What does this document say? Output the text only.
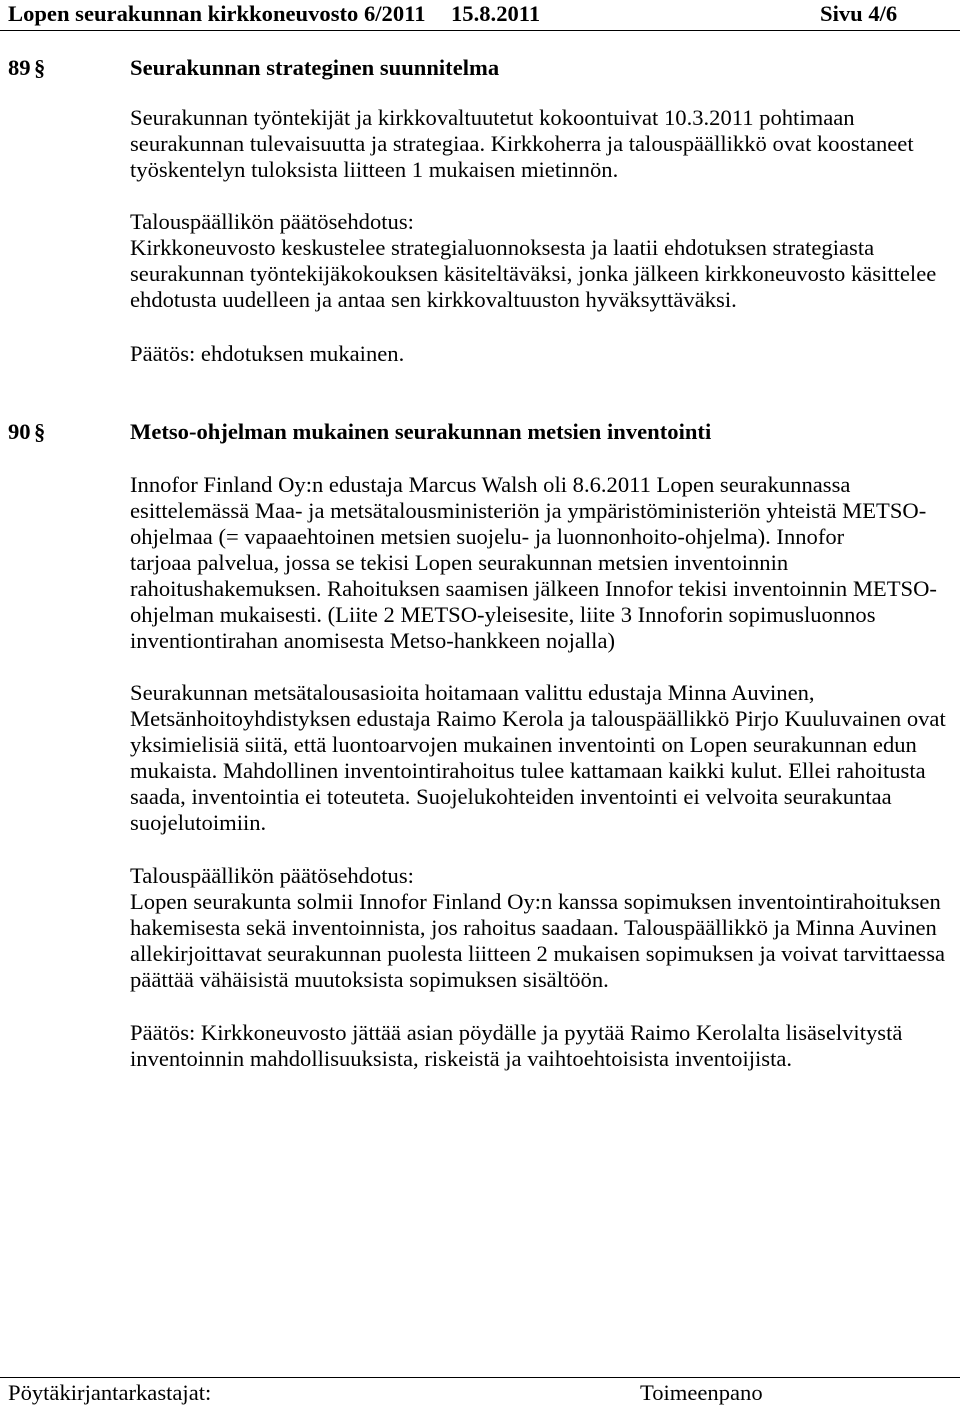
Lopen seurakunnan kirkkoneuvosto 6/2011 15.8.2011	Sivu 4/6
89 §	Seurakunnan strateginen suunnitelma
Seurakunnan työntekijät ja kirkkovaltuutetut kokoontuivat 10.3.2011 pohtimaan
seurakunnan tulevaisuutta ja strategiaa. Kirkkoherra ja talouspäällikkö ovat koostaneet
työskentelyn tuloksista liitteen 1 mukaisen mietinnön.
Talouspäällikön päätösehdotus:
Kirkkoneuvosto keskustelee strategialuonnoksesta ja laatii ehdotuksen strategiasta
seurakunnan työntekijäkokouksen käsiteltäväksi, jonka jälkeen kirkkoneuvosto käsittelee
ehdotusta uudelleen ja antaa sen kirkkovaltuuston hyväksyttäväksi.
Päätös: ehdotuksen mukainen.
90 §	Metso-ohjelman mukainen seurakunnan metsien inventointi
Innofor Finland Oy:n edustaja Marcus Walsh oli 8.6.2011 Lopen seurakunnassa
esittelemässä Maa- ja metsätalousministeriön ja ympäristöministeriön yhteistä METSO-
ohjelmaa (= vapaaehtoinen metsien suojelu- ja luonnonhoito-ohjelma). Innofor
tarjoaa palvelua, jossa se tekisi Lopen seurakunnan metsien inventoinnin
rahoitushakemuksen. Rahoituksen saamisen jälkeen Innofor tekisi inventoinnin METSO-
ohjelman mukaisesti. (Liite 2 METSO-yleisesite, liite 3 Innoforin sopimusluonnos
inventiontirahan anomisesta Metso-hankkeen nojalla)
Seurakunnan metsätalousasioita hoitamaan valittu edustaja Minna Auvinen,
Metsänhoitoyhdistyksen edustaja Raimo Kerola ja talouspäällikkö Pirjo Kuuluvainen ovat
yksimielisiä siitä, että luontoarvojen mukainen inventointi on Lopen seurakunnan edun
mukaista. Mahdollinen inventointirahoitus tulee kattamaan kaikki kulut. Ellei rahoitusta
saada, inventointia ei toteuteta. Suojelukohteiden inventointi ei velvoita seurakuntaa
suojelutoimiin.
Talouspäällikön päätösehdotus:
Lopen seurakunta solmii Innofor Finland Oy:n kanssa sopimuksen inventointirahoituksen
hakemisesta sekä inventoinnista, jos rahoitus saadaan. Talouspäällikkö ja Minna Auvinen
allekirjoittavat seurakunnan puolesta liitteen 2 mukaisen sopimuksen ja voivat tarvittaessa
päättää vähäisistä muutoksista sopimuksen sisältöön.
Päätös: Kirkkoneuvosto jättää asian pöydälle ja pyytää Raimo Kerolalta lisäselvitystä
inventoinnin mahdollisuuksista, riskeistä ja vaihtoehtoisista inventoijista.
Pöytäkirjantarkastajat:	Toimeenpano
